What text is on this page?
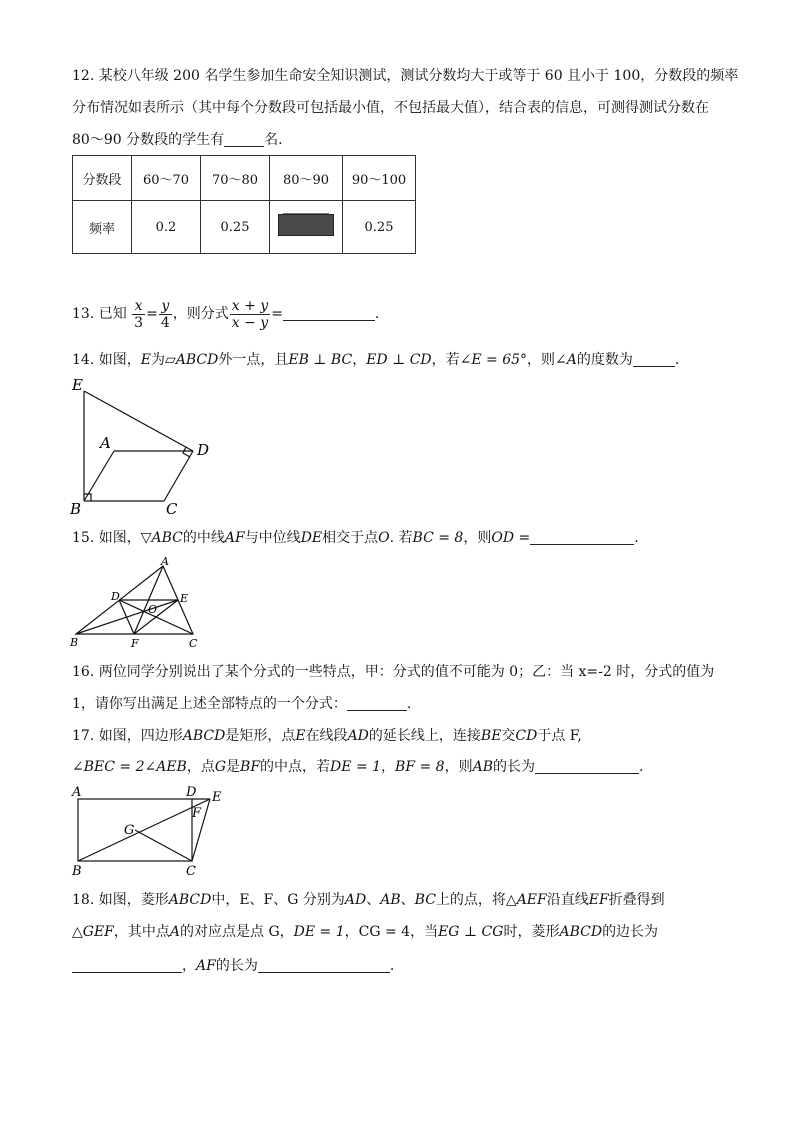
12. 某校八年级 200 名学生参加生命安全知识测试，测试分数均大于或等于 60 且小于 100，分数段的频率
分布情况如表所示（其中每个分数段可包括最小值，不包括最大值），结合表的信息，可测得测试分数在
80～90 分数段的学生有	名.
分数段	60～70	70～80	80～90	90～100
频率	0.2	0.25		0.25
13. 已知 $\frac{x}{3} = \frac{y}{4}$ ，则分式 $\frac{x + y}{x - y}$ =	.
14. 如图，E为▱ABCD外一点，且EB ⊥ BC，ED ⊥ CD，若∠E = 65°，则∠A的度数为	.
E
A	D
B	C
15. 如图，▽ABC的中线AF与中位线DE相交于点O. 若BC = 8，则OD =	.
A
D	E
O
B	F	C
16. 两位同学分别说出了某个分式的一些特点，甲：分式的值不可能为 0；乙：当 x=-2 时，分式的值为
1，请你写出满足上述全部特点的一个分式：	.
17. 如图，四边形ABCD是矩形，点E在线段AD的延长线上，连接BE交CD于点 F,
∠BEC = 2∠AEB，点G是BF的中点，若DE = 1，BF = 8，则AB的长为	.
A	D E
F
G
B	C
18. 如图，菱形ABCD中，E、F、G 分别为AD、AB、BC上的点，将△AEF沿直线EF折叠得到
△GEF，其中点A的对应点是点 G，DE = 1，CG = 4，当EG ⊥ CG时，菱形ABCD的边长为
，AF的长为	.
